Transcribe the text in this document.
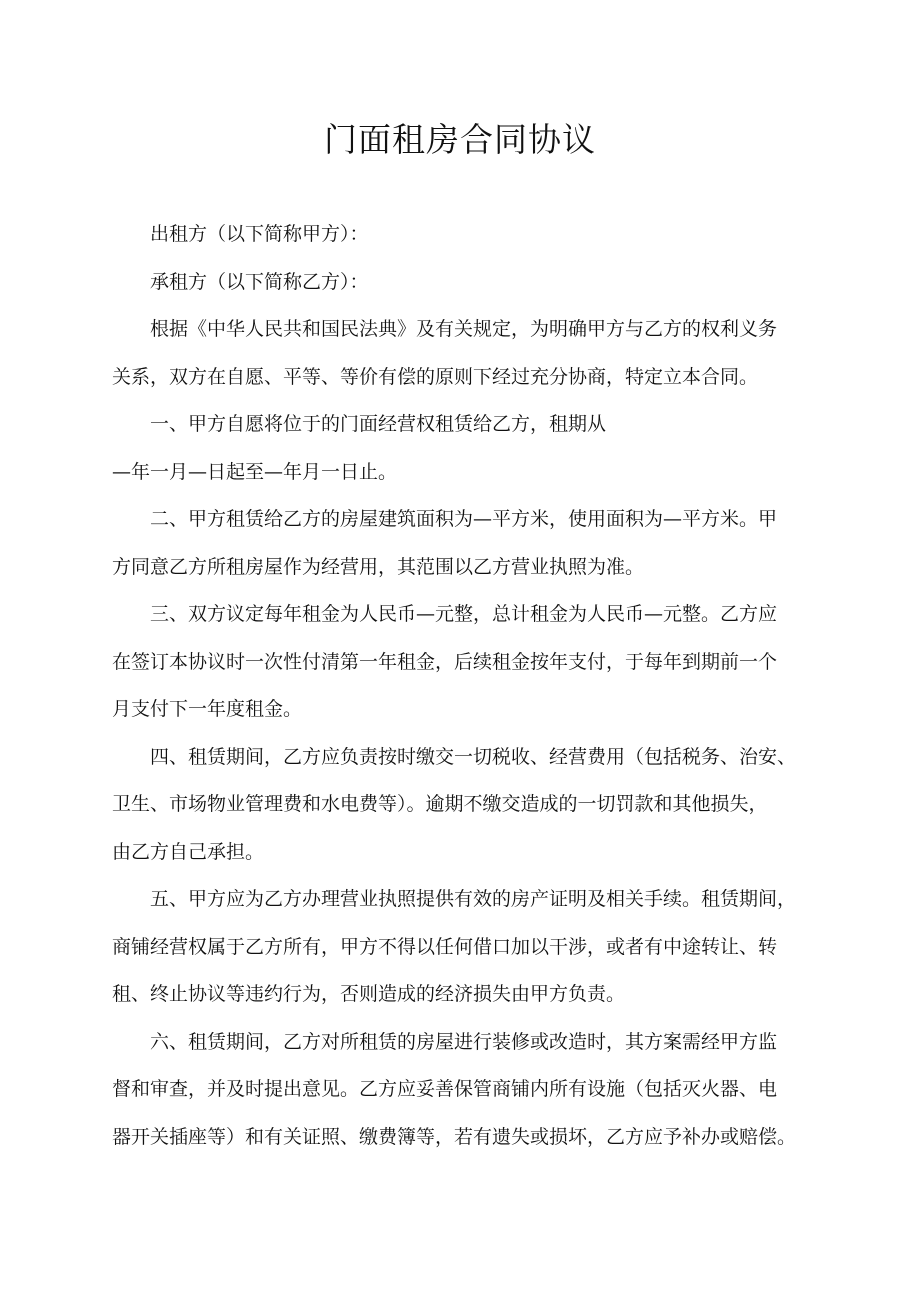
门面租房合同协议
出租方（以下简称甲方）：
承租方（以下简称乙方）：
根据《中华人民共和国民法典》及有关规定，为明确甲方与乙方的权利义务
关系，双方在自愿、平等、等价有偿的原则下经过充分协商，特定立本合同。
一、甲方自愿将位于的门面经营权租赁给乙方，租期从
—年一月—日起至—年月一日止。
二、甲方租赁给乙方的房屋建筑面积为—平方米，使用面积为—平方米。甲
方同意乙方所租房屋作为经营用，其范围以乙方营业执照为准。
三、双方议定每年租金为人民币—元整，总计租金为人民币—元整。乙方应
在签订本协议时一次性付清第一年租金，后续租金按年支付，于每年到期前一个
月支付下一年度租金。
四、租赁期间，乙方应负责按时缴交一切税收、经营费用（包括税务、治安、
卫生、市场物业管理费和水电费等）。逾期不缴交造成的一切罚款和其他损失，
由乙方自己承担。
五、甲方应为乙方办理营业执照提供有效的房产证明及相关手续。租赁期间，
商铺经营权属于乙方所有，甲方不得以任何借口加以干涉，或者有中途转让、转
租、终止协议等违约行为，否则造成的经济损失由甲方负责。
六、租赁期间，乙方对所租赁的房屋进行装修或改造时，其方案需经甲方监
督和审查，并及时提出意见。乙方应妥善保管商铺内所有设施（包括灭火器、电
器开关插座等）和有关证照、缴费簿等，若有遗失或损坏，乙方应予补办或赔偿。
